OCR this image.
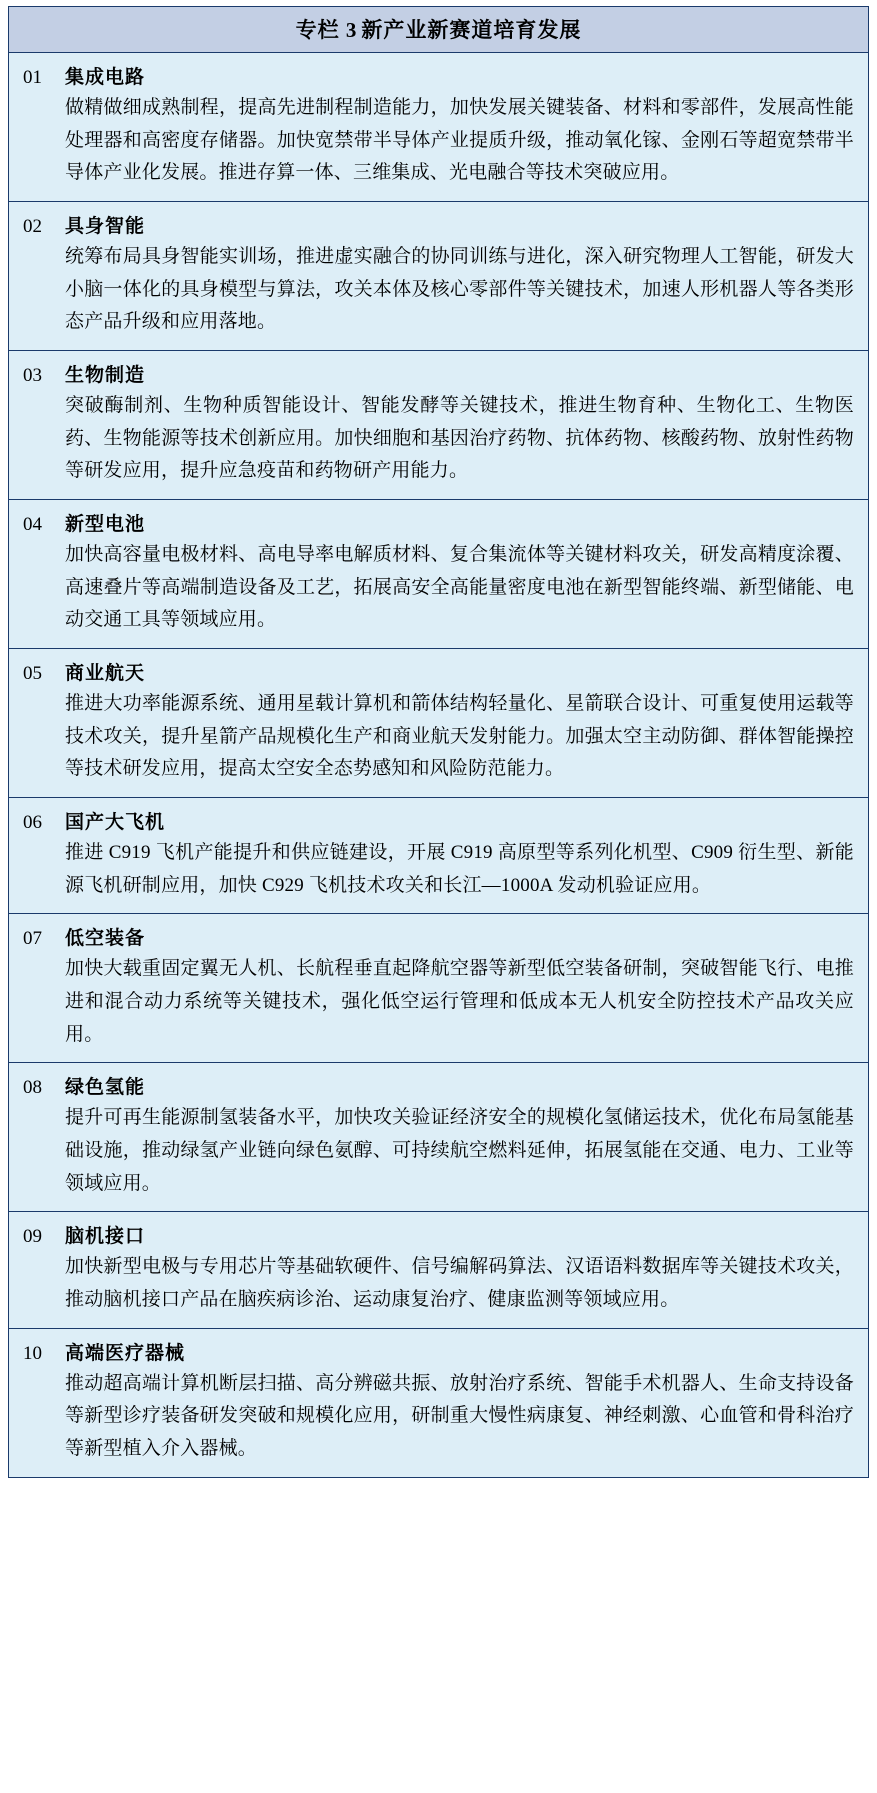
专栏 3 新产业新赛道培育发展
01	集成电路
做精做细成熟制程，提高先进制程制造能力，加快发展关键装备、材料和零部件，发展高性能处理器和高密度存储器。加快宽禁带半导体产业提质升级，推动氧化镓、金刚石等超宽禁带半导体产业化发展。推进存算一体、三维集成、光电融合等技术突破应用。
02	具身智能
统筹布局具身智能实训场，推进虚实融合的协同训练与进化，深入研究物理人工智能，研发大小脑一体化的具身模型与算法，攻关本体及核心零部件等关键技术，加速人形机器人等各类形态产品升级和应用落地。
03	生物制造
突破酶制剂、生物种质智能设计、智能发酵等关键技术，推进生物育种、生物化工、生物医药、生物能源等技术创新应用。加快细胞和基因治疗药物、抗体药物、核酸药物、放射性药物等研发应用，提升应急疫苗和药物研产用能力。
04	新型电池
加快高容量电极材料、高电导率电解质材料、复合集流体等关键材料攻关，研发高精度涂覆、高速叠片等高端制造设备及工艺，拓展高安全高能量密度电池在新型智能终端、新型储能、电动交通工具等领域应用。
05	商业航天
推进大功率能源系统、通用星载计算机和箭体结构轻量化、星箭联合设计、可重复使用运载等技术攻关，提升星箭产品规模化生产和商业航天发射能力。加强太空主动防御、群体智能操控等技术研发应用，提高太空安全态势感知和风险防范能力。
06	国产大飞机
推进 C919 飞机产能提升和供应链建设，开展 C919 高原型等系列化机型、C909 衍生型、新能源飞机研制应用，加快 C929 飞机技术攻关和长江—1000A 发动机验证应用。
07	低空装备
加快大载重固定翼无人机、长航程垂直起降航空器等新型低空装备研制，突破智能飞行、电推进和混合动力系统等关键技术，强化低空运行管理和低成本无人机安全防控技术产品攻关应用。
08	绿色氢能
提升可再生能源制氢装备水平，加快攻关验证经济安全的规模化氢储运技术，优化布局氢能基础设施，推动绿氢产业链向绿色氨醇、可持续航空燃料延伸，拓展氢能在交通、电力、工业等领域应用。
09	脑机接口
加快新型电极与专用芯片等基础软硬件、信号编解码算法、汉语语料数据库等关键技术攻关，推动脑机接口产品在脑疾病诊治、运动康复治疗、健康监测等领域应用。
10	高端医疗器械
推动超高端计算机断层扫描、高分辨磁共振、放射治疗系统、智能手术机器人、生命支持设备等新型诊疗装备研发突破和规模化应用，研制重大慢性病康复、神经刺激、心血管和骨科治疗等新型植入介入器械。
